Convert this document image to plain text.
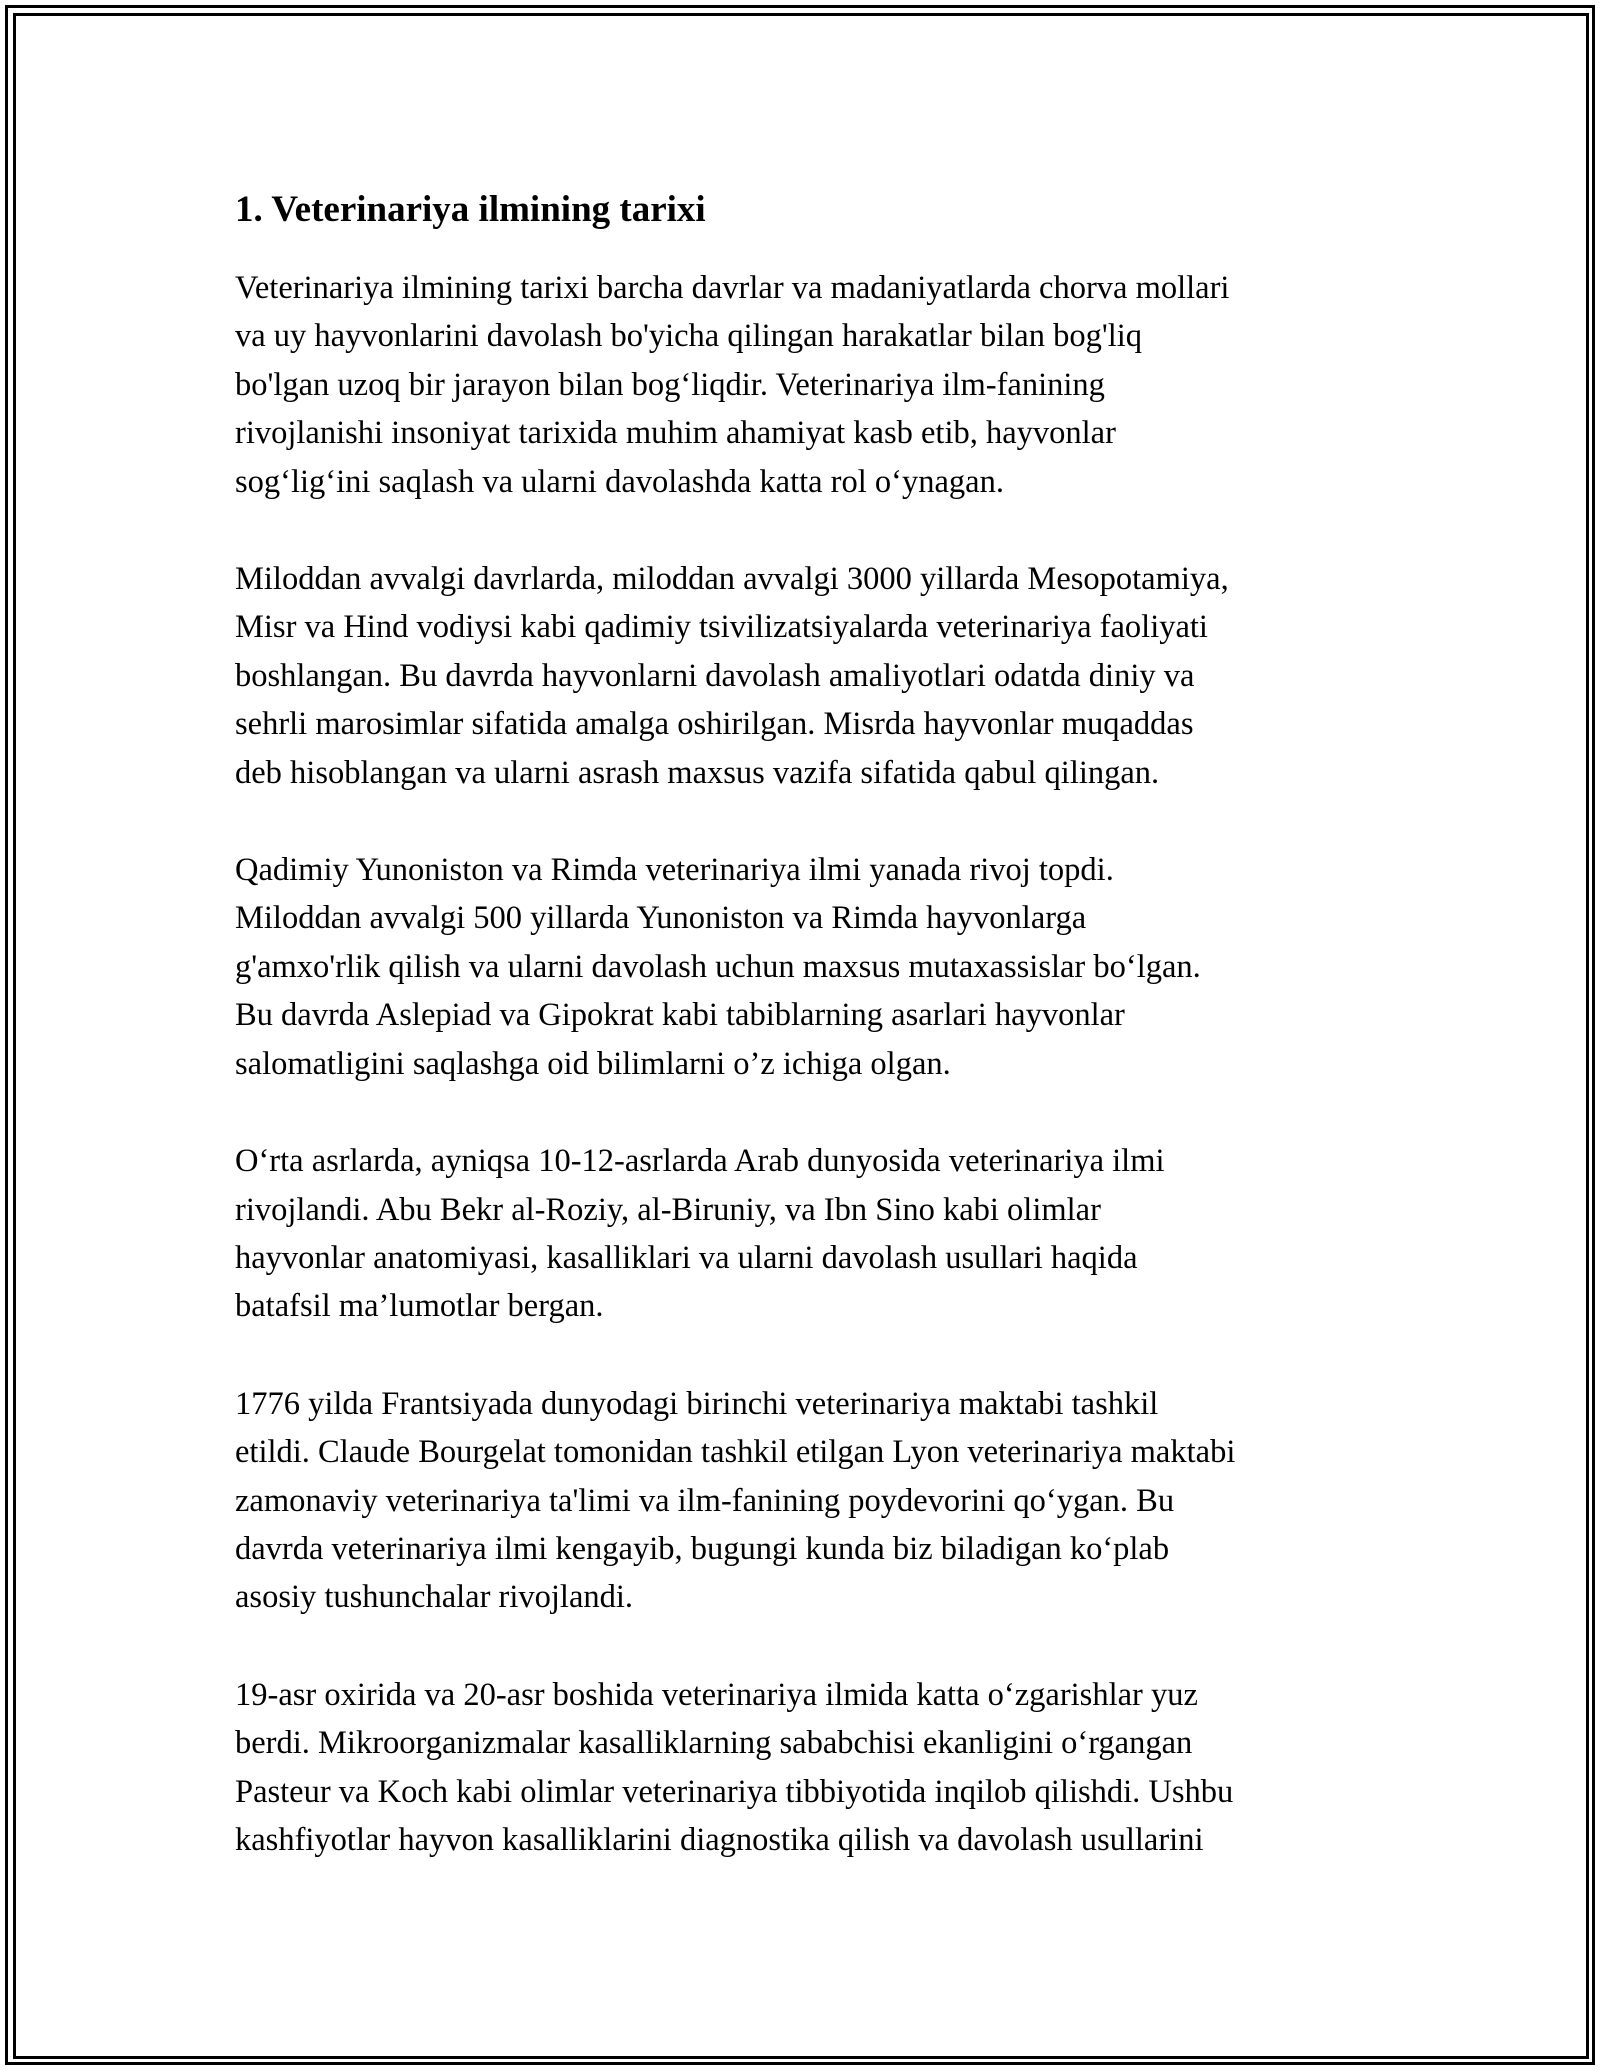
1. Veterinariya ilmining tarixi
Veterinariya ilmining tarixi barcha davrlar va madaniyatlarda chorva mollari
va uy hayvonlarini davolash bo'yicha qilingan harakatlar bilan bog'liq
bo'lgan uzoq bir jarayon bilan bog‘liqdir. Veterinariya ilm-fanining
rivojlanishi insoniyat tarixida muhim ahamiyat kasb etib, hayvonlar
sog‘lig‘ini saqlash va ularni davolashda katta rol o‘ynagan.
Miloddan avvalgi davrlarda, miloddan avvalgi 3000 yillarda Mesopotamiya,
Misr va Hind vodiysi kabi qadimiy tsivilizatsiyalarda veterinariya faoliyati
boshlangan. Bu davrda hayvonlarni davolash amaliyotlari odatda diniy va
sehrli marosimlar sifatida amalga oshirilgan. Misrda hayvonlar muqaddas
deb hisoblangan va ularni asrash maxsus vazifa sifatida qabul qilingan.
Qadimiy Yunoniston va Rimda veterinariya ilmi yanada rivoj topdi.
Miloddan avvalgi 500 yillarda Yunoniston va Rimda hayvonlarga
g'amxo'rlik qilish va ularni davolash uchun maxsus mutaxassislar bo‘lgan.
Bu davrda Aslepiad va Gipokrat kabi tabiblarning asarlari hayvonlar
salomatligini saqlashga oid bilimlarni o’z ichiga olgan.
O‘rta asrlarda, ayniqsa 10-12-asrlarda Arab dunyosida veterinariya ilmi
rivojlandi. Abu Bekr al-Roziy, al-Biruniy, va Ibn Sino kabi olimlar
hayvonlar anatomiyasi, kasalliklari va ularni davolash usullari haqida
batafsil ma’lumotlar bergan.
1776 yilda Frantsiyada dunyodagi birinchi veterinariya maktabi tashkil
etildi. Claude Bourgelat tomonidan tashkil etilgan Lyon veterinariya maktabi
zamonaviy veterinariya ta'limi va ilm-fanining poydevorini qo‘ygan. Bu
davrda veterinariya ilmi kengayib, bugungi kunda biz biladigan ko‘plab
asosiy tushunchalar rivojlandi.
19-asr oxirida va 20-asr boshida veterinariya ilmida katta o‘zgarishlar yuz
berdi. Mikroorganizmalar kasalliklarning sababchisi ekanligini o‘rgangan
Pasteur va Koch kabi olimlar veterinariya tibbiyotida inqilob qilishdi. Ushbu
kashfiyotlar hayvon kasalliklarini diagnostika qilish va davolash usullarini
